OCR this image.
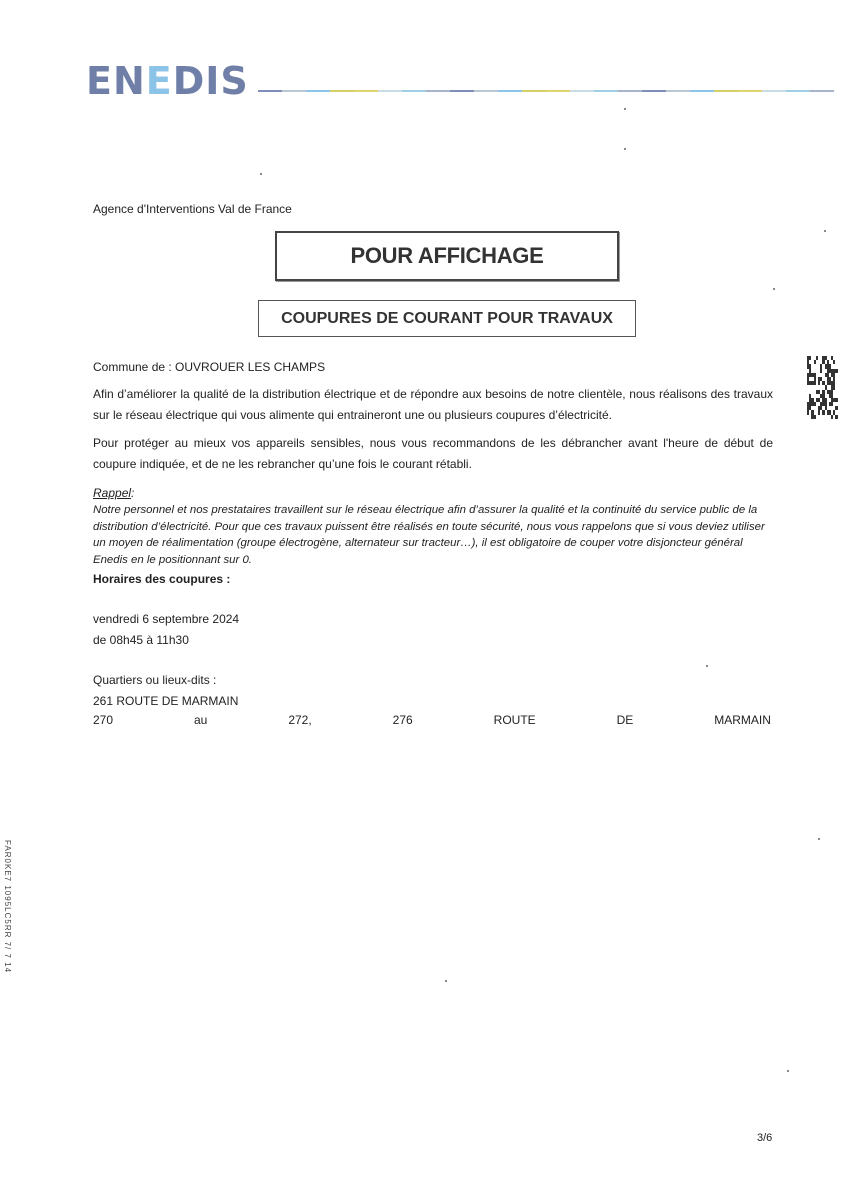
ENEDIS
Agence d'Interventions Val de France
POUR AFFICHAGE
COUPURES DE COURANT POUR TRAVAUX
Commune de : OUVROUER LES CHAMPS
Afin d’améliorer la qualité de la distribution électrique et de répondre aux besoins de notre clientèle, nous réalisons des travaux sur le réseau électrique qui vous alimente qui entraineront une ou plusieurs coupures d’électricité.
Pour protéger au mieux vos appareils sensibles, nous vous recommandons de les débrancher avant l'heure de début de coupure indiquée, et de ne les rebrancher qu’une fois le courant rétabli.
Rappel:
Notre personnel et nos prestataires travaillent sur le réseau électrique afin d’assurer la qualité et la continuité du service public de la distribution d’électricité. Pour que ces travaux puissent être réalisés en toute sécurité, nous vous rappelons que si vous deviez utiliser un moyen de réalimentation (groupe électrogène, alternateur sur tracteur…), il est obligatoire de couper votre disjoncteur général Enedis en le positionnant sur 0.
Horaires des coupures :
vendredi 6 septembre 2024
de 08h45 à 11h30
Quartiers ou lieux-dits :
261 ROUTE DE MARMAIN
270	au	272,	276	ROUTE	DE	MARMAIN
FAR0KE7 1095LC5RR 7/ 7 14
3/6
